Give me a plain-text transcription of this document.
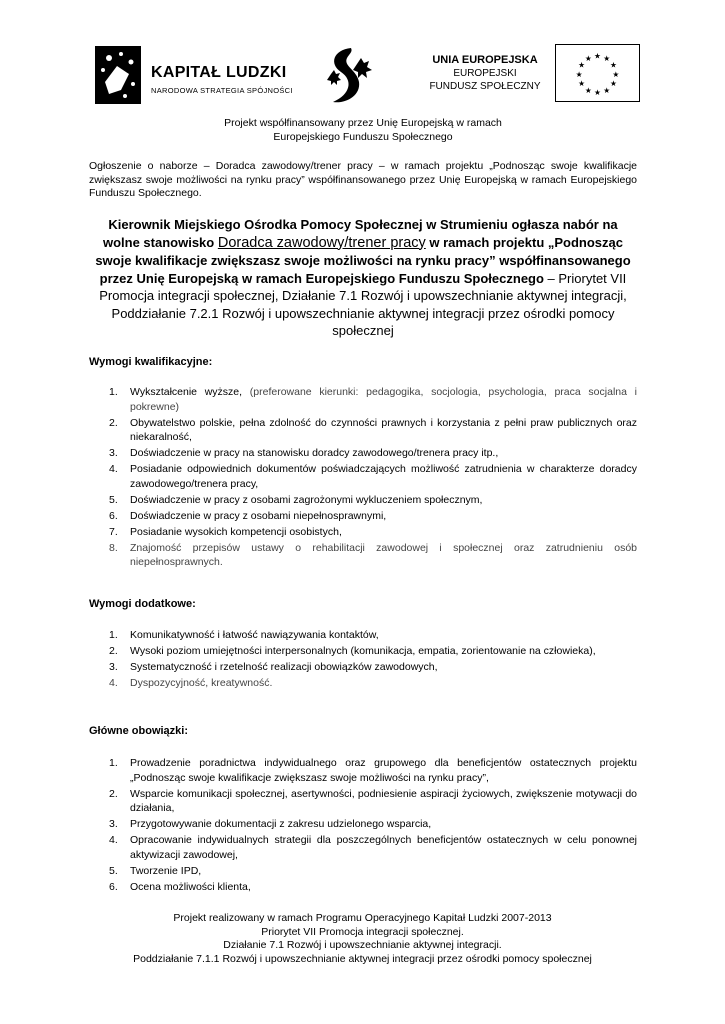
KAPITAŁ LUDZKI
NARODOWA STRATEGIA SPÓJNOŚCI
UNIA EUROPEJSKA
EUROPEJSKI
FUNDUSZ SPOŁECZNY
★ ★
★
★
★
★
★
★
★
★
★
★
Projekt współfinansowany przez Unię Europejską w ramach
Europejskiego Funduszu Społecznego
Ogłoszenie o naborze – Doradca zawodowy/trener pracy – w ramach projektu „Podnosząc swoje kwalifikacje zwiększasz swoje możliwości na rynku pracy” współfinansowanego przez Unię Europejską w ramach Europejskiego Funduszu Społecznego.
Kierownik Miejskiego Ośrodka Pomocy Społecznej w Strumieniu ogłasza nabór na wolne stanowisko Doradca zawodowy/trener pracy w ramach projektu „Podnosząc swoje kwalifikacje zwiększasz swoje możliwości na rynku pracy” współfinansowanego przez Unię Europejską w ramach Europejskiego Funduszu Społecznego – Priorytet VII Promocja integracji społecznej, Działanie 7.1 Rozwój i upowszechnianie aktywnej integracji, Poddziałanie 7.2.1 Rozwój i upowszechnianie aktywnej integracji przez ośrodki pomocy społecznej
Wymogi kwalifikacyjne:
1. Wykształcenie wyższe, (preferowane kierunki: pedagogika, socjologia, psychologia, praca socjalna i pokrewne)
2. Obywatelstwo polskie, pełna zdolność do czynności prawnych i korzystania z pełni praw publicznych oraz niekaralność,
3. Doświadczenie w pracy na stanowisku doradcy zawodowego/trenera pracy itp.,
4. Posiadanie odpowiednich dokumentów poświadczających możliwość zatrudnienia w charakterze doradcy zawodowego/trenera pracy,
5. Doświadczenie w pracy z osobami zagrożonymi wykluczeniem społecznym,
6. Doświadczenie w pracy z osobami niepełnosprawnymi,
7. Posiadanie wysokich kompetencji osobistych,
8. Znajomość przepisów ustawy o rehabilitacji zawodowej i społecznej oraz zatrudnieniu osób niepełnosprawnych.
Wymogi dodatkowe:
1. Komunikatywność i łatwość nawiązywania kontaktów,
2. Wysoki poziom umiejętności interpersonalnych (komunikacja, empatia, zorientowanie na człowieka),
3. Systematyczność i rzetelność realizacji obowiązków zawodowych,
4. Dyspozycyjność, kreatywność.
Główne obowiązki:
1. Prowadzenie poradnictwa indywidualnego oraz grupowego dla beneficjentów ostatecznych projektu „Podnosząc swoje kwalifikacje zwiększasz swoje możliwości na rynku pracy”,
2. Wsparcie komunikacji społecznej, asertywności, podniesienie aspiracji życiowych, zwiększenie motywacji do działania,
3. Przygotowywanie dokumentacji z zakresu udzielonego wsparcia,
4. Opracowanie indywidualnych strategii dla poszczególnych beneficjentów ostatecznych w celu ponownej aktywizacji zawodowej,
5. Tworzenie IPD,
6. Ocena możliwości klienta,
Projekt realizowany w ramach Programu Operacyjnego Kapitał Ludzki 2007-2013
Priorytet VII Promocja integracji społecznej.
Działanie 7.1 Rozwój i upowszechnianie aktywnej integracji.
Poddziałanie 7.1.1 Rozwój i upowszechnianie aktywnej integracji przez ośrodki pomocy społecznej
